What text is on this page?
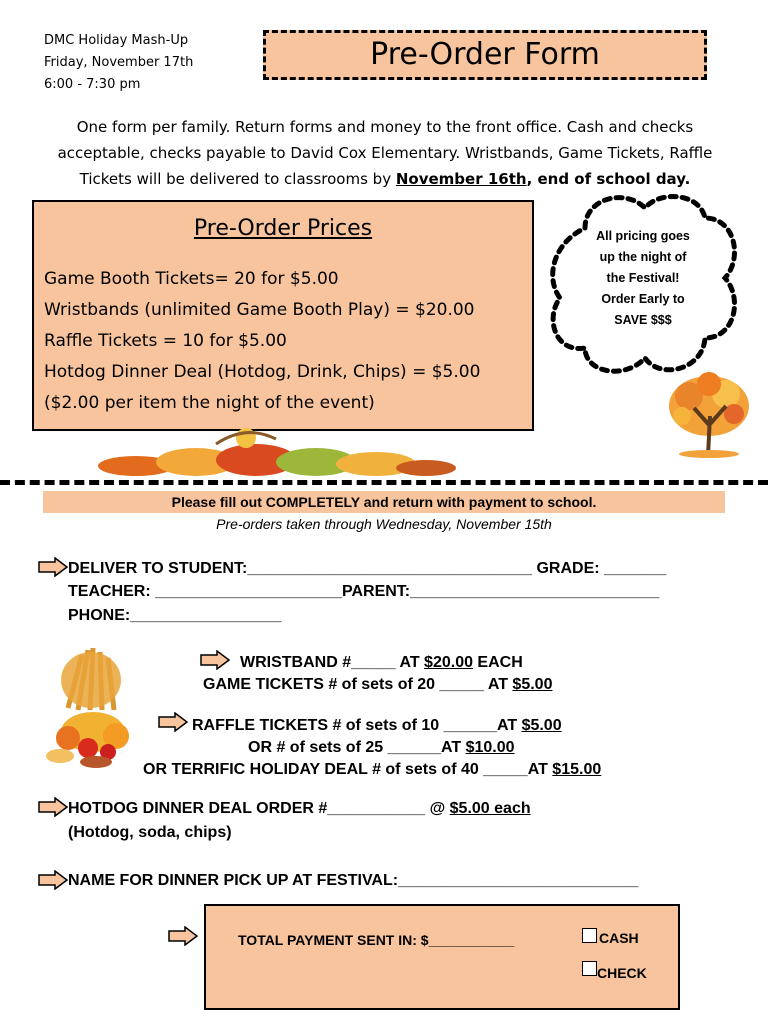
DMC Holiday Mash-Up
Friday, November 17th
6:00 - 7:30 pm
Pre-Order Form
One form per family. Return forms and money to the front office. Cash and checks acceptable, checks payable to David Cox Elementary. Wristbands, Game Tickets, Raffle Tickets will be delivered to classrooms by November 16th, end of school day.
Pre-Order Prices
Game Booth Tickets= 20 for $5.00
Wristbands (unlimited Game Booth Play) = $20.00
Raffle Tickets = 10 for $5.00
Hotdog Dinner Deal (Hotdog, Drink, Chips) = $5.00 ($2.00 per item the night of the event)
All pricing goes
up the night of
the Festival!
Order Early to
SAVE $$$
Please fill out COMPLETELY and return with payment to school.
Pre-orders taken through Wednesday, November 15th
DELIVER TO STUDENT:________________________________ GRADE: _______
TEACHER: _____________________PARENT:____________________________
PHONE:_________________
WRISTBAND #_____ AT $20.00 EACH
GAME TICKETS # of sets of 20 _____ AT $5.00
RAFFLE TICKETS # of sets of 10 ______AT $5.00
OR # of sets of 25 ______AT $10.00
OR TERRIFIC HOLIDAY DEAL # of sets of 40 _____AT $15.00
HOTDOG DINNER DEAL ORDER #___________ @ $5.00 each
(Hotdog, soda, chips)
NAME FOR DINNER PICK UP AT FESTIVAL:___________________________
TOTAL PAYMENT SENT IN: $___________	CASH
CHECK
